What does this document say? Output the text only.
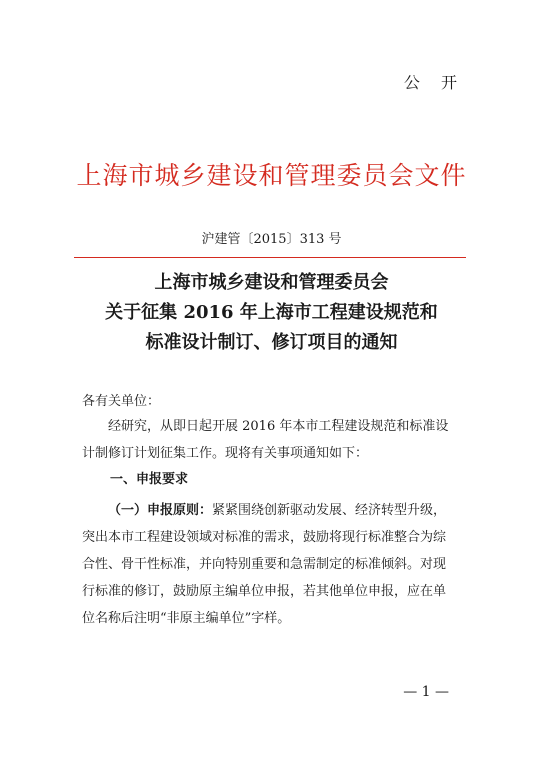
公 开
上海市城乡建设和管理委员会文件
沪建管〔2015〕313 号
上海市城乡建设和管理委员会
关于征集 2016 年上海市工程建设规范和
标准设计制订、修订项目的通知
各有关单位：
经研究，从即日起开展 2016 年本市工程建设规范和标准设
计制修订计划征集工作。现将有关事项通知如下：
一、申报要求
（一）申报原则：紧紧围绕创新驱动发展、经济转型升级，
突出本市工程建设领域对标准的需求，鼓励将现行标准整合为综
合性、骨干性标准，并向特别重要和急需制定的标准倾斜。对现
行标准的修订，鼓励原主编单位申报，若其他单位申报，应在单
位名称后注明“非原主编单位”字样。
— 1 —
